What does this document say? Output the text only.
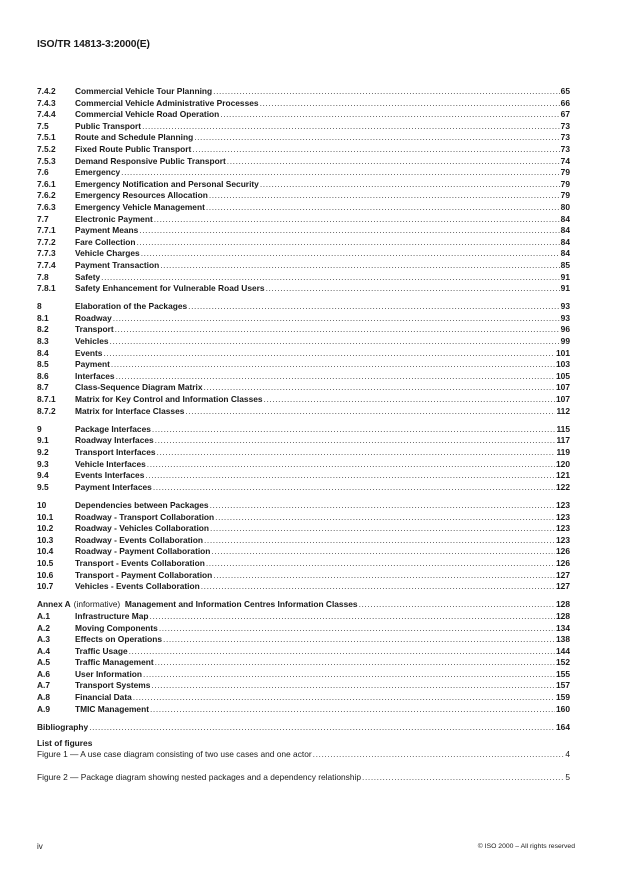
ISO/TR 14813-3:2000(E)
7.4.2	Commercial Vehicle Tour Planning .....	65
7.4.3	Commercial Vehicle Administrative Processes .....	66
7.4.4	Commercial Vehicle Road Operation .....	67
7.5	Public Transport .....	73
7.5.1	Route and Schedule Planning .....	73
7.5.2	Fixed Route Public Transport .....	73
7.5.3	Demand Responsive Public Transport .....	74
7.6	Emergency .....	79
7.6.1	Emergency Notification and Personal Security .....	79
7.6.2	Emergency Resources Allocation .....	79
7.6.3	Emergency Vehicle Management .....	80
7.7	Electronic Payment .....	84
7.7.1	Payment Means .....	84
7.7.2	Fare Collection .....	84
7.7.3	Vehicle Charges .....	84
7.7.4	Payment Transaction .....	85
7.8	Safety .....	91
7.8.1	Safety Enhancement for Vulnerable Road Users .....	91
8	Elaboration of the Packages .....	93
8.1	Roadway .....	93
8.2	Transport .....	96
8.3	Vehicles .....	99
8.4	Events .....	101
8.5	Payment .....	103
8.6	Interfaces .....	105
8.7	Class-Sequence Diagram Matrix .....	107
8.7.1	Matrix for Key Control and Information Classes .....	107
8.7.2	Matrix for Interface Classes .....	112
9	Package Interfaces .....	115
9.1	Roadway Interfaces .....	117
9.2	Transport Interfaces .....	119
9.3	Vehicle Interfaces .....	120
9.4	Events Interfaces .....	121
9.5	Payment Interfaces .....	122
10	Dependencies between Packages .....	123
10.1	Roadway - Transport Collaboration .....	123
10.2	Roadway - Vehicles Collaboration .....	123
10.3	Roadway - Events Collaboration .....	123
10.4	Roadway - Payment Collaboration .....	126
10.5	Transport - Events Collaboration .....	126
10.6	Transport - Payment Collaboration .....	127
10.7	Vehicles - Events Collaboration .....	127
Annex A (informative) Management and Information Centres Information Classes .....	128
A.1	Infrastructure Map .....	128
A.2	Moving Components .....	134
A.3	Effects on Operations .....	138
A.4	Traffic Usage .....	144
A.5	Traffic Management .....	152
A.6	User Information .....	155
A.7	Transport Systems .....	157
A.8	Financial Data .....	159
A.9	TMIC Management .....	160
Bibliography .....	164
List of figures
Figure 1 — A use case diagram consisting of two use cases and one actor .....	4
Figure 2 — Package diagram showing nested packages and a dependency relationship .....	5
iv	© ISO 2000 – All rights reserved
